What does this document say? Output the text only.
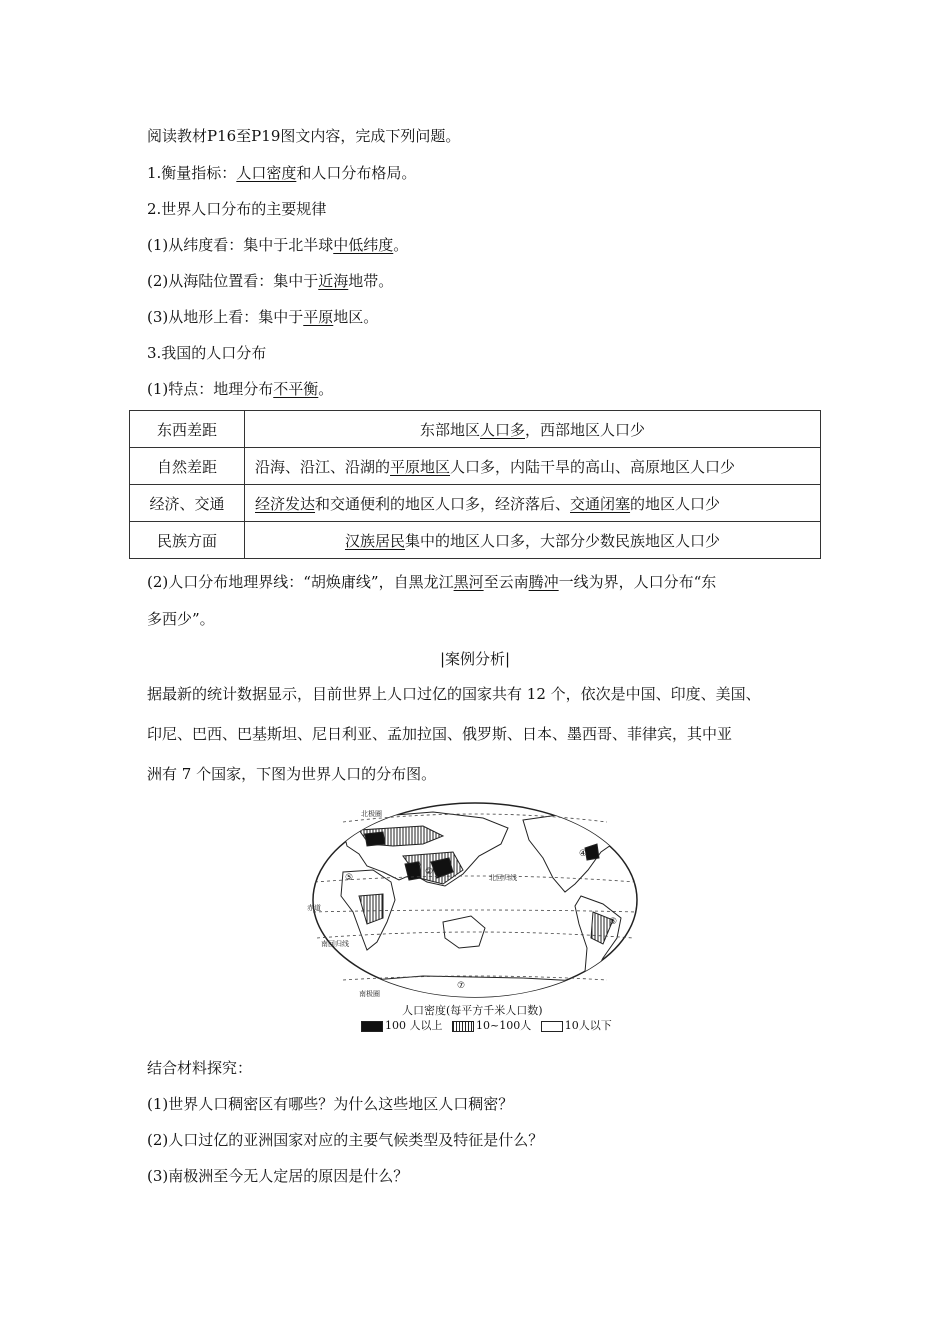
阅读教材P16至P19图文内容，完成下列问题。
1.衡量指标：人口密度和人口分布格局。
2.世界人口分布的主要规律
(1)从纬度看：集中于北半球中低纬度。
(2)从海陆位置看：集中于近海地带。
(3)从地形上看：集中于平原地区。
3.我国的人口分布
(1)特点：地理分布不平衡。
东西差距	东部地区人口多，西部地区人口少
自然差距	沿海、沿江、沿湖的平原地区人口多，内陆干旱的高山、高原地区人口少
经济、交通	经济发达和交通便利的地区人口多，经济落后、交通闭塞的地区人口少
民族方面	汉族居民集中的地区人口多，大部分少数民族地区人口少
(2)人口分布地理界线：“胡焕庸线”，自黑龙江黑河至云南腾冲一线为界，人口分布“东
多西少”。
|案例分析|
据最新的统计数据显示，目前世界上人口过亿的国家共有 12 个，依次是中国、印度、美国、
印尼、巴西、巴基斯坦、尼日利亚、孟加拉国、俄罗斯、日本、墨西哥、菲律宾，其中亚
洲有 7 个国家，下图为世界人口的分布图。
北极圈
北回归线
赤道
南回归线
南极圈
①
②
③
④
⑤
⑥
⑦
人口密度(每平方千米人口数)
100 人以上	10~100人	10人以下
结合材料探究：
(1)世界人口稠密区有哪些？为什么这些地区人口稠密？
(2)人口过亿的亚洲国家对应的主要气候类型及特征是什么？
(3)南极洲至今无人定居的原因是什么？
